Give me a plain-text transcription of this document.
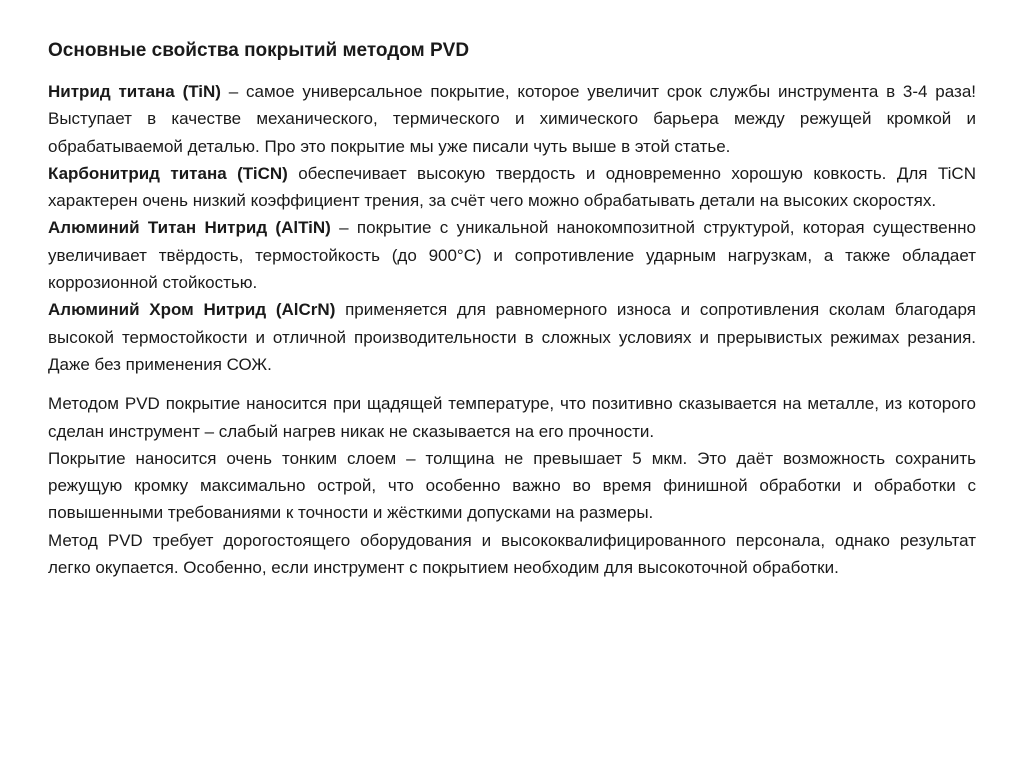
Основные свойства покрытий методом PVD

Нитрид титана (TiN) – самое универсальное покрытие, которое увеличит срок службы инструмента в 3-4 раза! Выступает в качестве механического, термического и химического барьера между режущей кромкой и обрабатываемой деталью. Про это покрытие мы уже писали чуть выше в этой статье.

Карбонитрид титана (TiCN) обеспечивает высокую твердость и одновременно хорошую ковкость. Для TiCN характерен очень низкий коэффициент трения, за счёт чего можно обрабатывать детали на высоких скоростях.

Алюминий Титан Нитрид (AlTiN) – покрытие с уникальной нанокомпозитной структурой, которая существенно увеличивает твёрдость, термостойкость (до 900°C) и сопротивление ударным нагрузкам, а также обладает коррозионной стойкостью.

Алюминий Хром Нитрид (AlCrN) применяется для равномерного износа и сопротивления сколам благодаря высокой термостойкости и отличной производительности в сложных условиях и прерывистых режимах резания. Даже без применения СОЖ.

Методом PVD покрытие наносится при щадящей температуре, что позитивно сказывается на металле, из которого сделан инструмент – слабый нагрев никак не сказывается на его прочности.

Покрытие наносится очень тонким слоем – толщина не превышает 5 мкм. Это даёт возможность сохранить режущую кромку максимально острой, что особенно важно во время финишной обработки и обработки с повышенными требованиями к точности и жёсткими допусками на размеры.

Метод PVD требует дорогостоящего оборудования и высококвалифицированного персонала, однако результат легко окупается. Особенно, если инструмент с покрытием необходим для высокоточной обработки.
